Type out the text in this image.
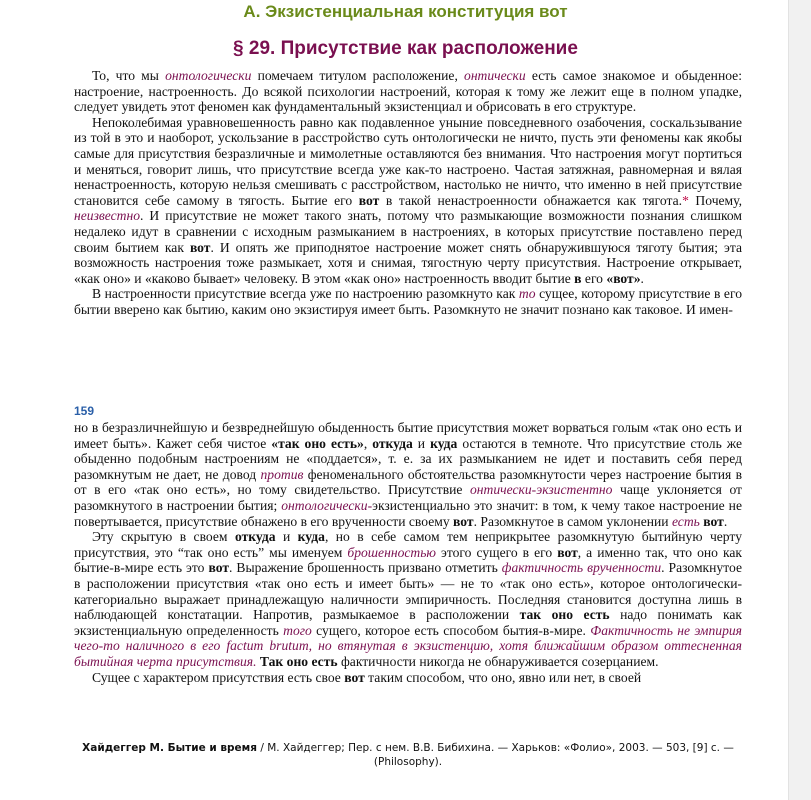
А. Экзистенциальная конституция вот
§ 29. Присутствие как расположение

То, что мы онтологически помечаем титулом расположение, онтически есть самое знакомое и обыденное: настроение, настроенность. До всякой психологии настроений, которая к тому же лежит еще в полном упадке, следует увидеть этот феномен как фундаментальный экзистенциал и обрисовать в его структуре.

Непоколебимая уравновешенность равно как подавленное уныние повседневного озабочения, соскальзывание из той в это и наоборот, ускользание в расстройство суть онтологически не ничто, пусть эти феномены как якобы самые для присутствия безразличные и мимолетные оставляются без внимания. Что настроения могут портиться и меняться, говорит лишь, что присутствие всегда уже как-то настроено. Частая затяжная, равномерная и вялая ненастроенность, которую нельзя смешивать с расстройством, настолько не ничто, что именно в ней присутствие становится себе самому в тягость. Бытие его вот в такой ненастроенности обнажается как тягота.* Почему, неизвестно. И присутствие не может такого знать, потому что размыкающие возможности познания слишком недалеко идут в сравнении с исходным размыканием в настроениях, в которых присутствие поставлено перед своим бытием как вот. И опять же приподнятое настроение может снять обнаружившуюся тяготу бытия; эта возможность настроения тоже размыкает, хотя и снимая, тягостную черту присутствия. Настроение открывает, «как оно» и «каково бывает» человеку. В этом «как оно» настроенность вводит бытие в его «вот».

В настроенности присутствие всегда уже по настроению разомкнуто как то сущее, которому присутствие в его бытии вверено как бытию, каким оно экзистируя имеет быть. Разомкнуто не значит познано как таковое. И имен-

159

но в безразличнейшую и безвреднейшую обыденность бытие присутствия может ворваться голым «так оно есть и имеет быть». Кажет себя чистое «так оно есть», откуда и куда остаются в темноте. Что присутствие столь же обыденно подобным настроениям не «поддается», т. е. за их размыканием не идет и поставить себя перед разомкнутым не дает, не довод против феноменального обстоятельства разомкнутости через настроение бытия в от в его «так оно есть», но тому свидетельство. Присутствие онтически-экзистентно чаще уклоняется от разомкнутого в настроении бытия; онтологически-экзистенциально это значит: в том, к чему такое настроение не повертывается, присутствие обнажено в его врученности своему вот. Разомкнутое в самом уклонении есть вот.

Эту скрытую в своем откуда и куда, но в себе самом тем неприкрытее разомкнутую бытийную черту присутствия, это “так оно есть” мы именуем брошенностью этого сущего в его вот, а именно так, что оно как бытие-в-мире есть это вот. Выражение брошенность призвано отметить фактичность врученности. Разомкнутое в расположении присутствия «так оно есть и имеет быть» — не то «так оно есть», которое онтологически-категориально выражает принадлежащую наличности эмпиричность. Последняя становится доступна лишь в наблюдающей констатации. Напротив, размыкаемое в расположении так оно есть надо понимать как экзистенциальную определенность того сущего, которое есть способом бытия-в-мире. Фактичность не эмпирия чего-то наличного в его factum brutum, но втянутая в экзистенцию, хотя ближайшим образом оттесненная бытийная черта присутствия. Так оно есть фактичности никогда не обнаруживается созерцанием.

Сущее с характером присутствия есть свое вот таким способом, что оно, явно или нет, в своей

Хайдеггер М. Бытие и время / М. Хайдеггер; Пер. с нем. В.В. Бибихина. — Харьков: «Фолио», 2003. — 503, [9] с. — (Philosophy).
